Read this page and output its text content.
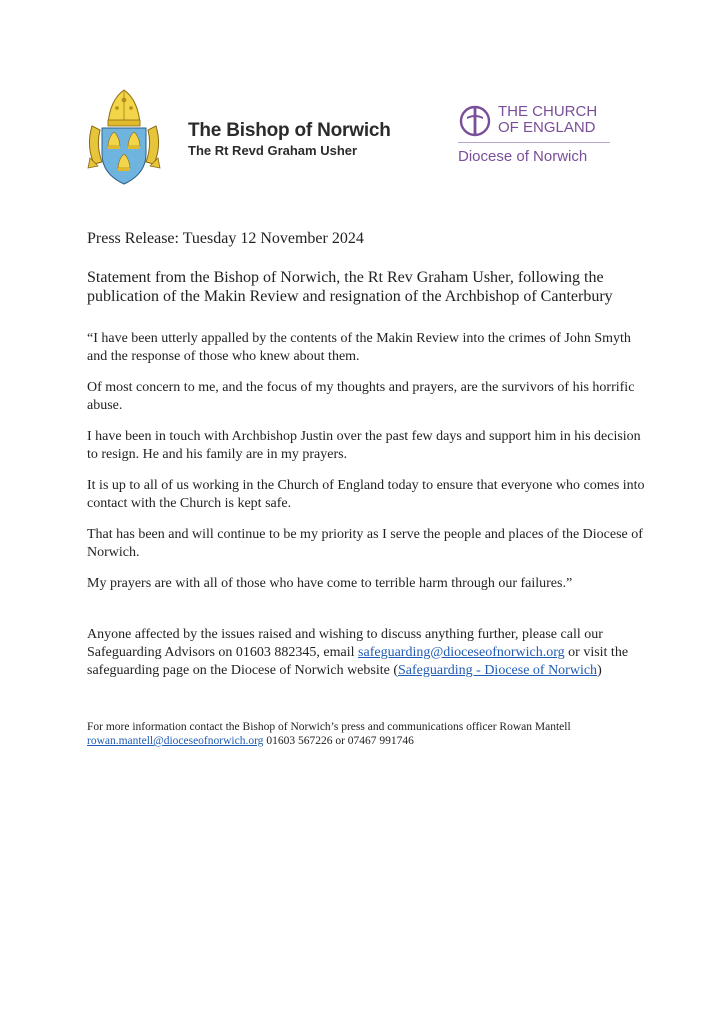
The Bishop of Norwich
The Rt Revd Graham Usher
THE CHURCH
OF ENGLAND
Diocese of Norwich

Press Release: Tuesday 12 November 2024

Statement from the Bishop of Norwich, the Rt Rev Graham Usher, following the publication of the Makin Review and resignation of the Archbishop of Canterbury

“I have been utterly appalled by the contents of the Makin Review into the crimes of John Smyth and the response of those who knew about them.

Of most concern to me, and the focus of my thoughts and prayers, are the survivors of his horrific abuse.

I have been in touch with Archbishop Justin over the past few days and support him in his decision to resign. He and his family are in my prayers.

It is up to all of us working in the Church of England today to ensure that everyone who comes into contact with the Church is kept safe.

That has been and will continue to be my priority as I serve the people and places of the Diocese of Norwich.

My prayers are with all of those who have come to terrible harm through our failures.”

Anyone affected by the issues raised and wishing to discuss anything further, please call our Safeguarding Advisors on 01603 882345, email safeguarding@dioceseofnorwich.org or visit the safeguarding page on the Diocese of Norwich website (Safeguarding - Diocese of Norwich)

For more information contact the Bishop of Norwich’s press and communications officer Rowan Mantell
rowan.mantell@dioceseofnorwich.org 01603 567226 or 07467 991746
